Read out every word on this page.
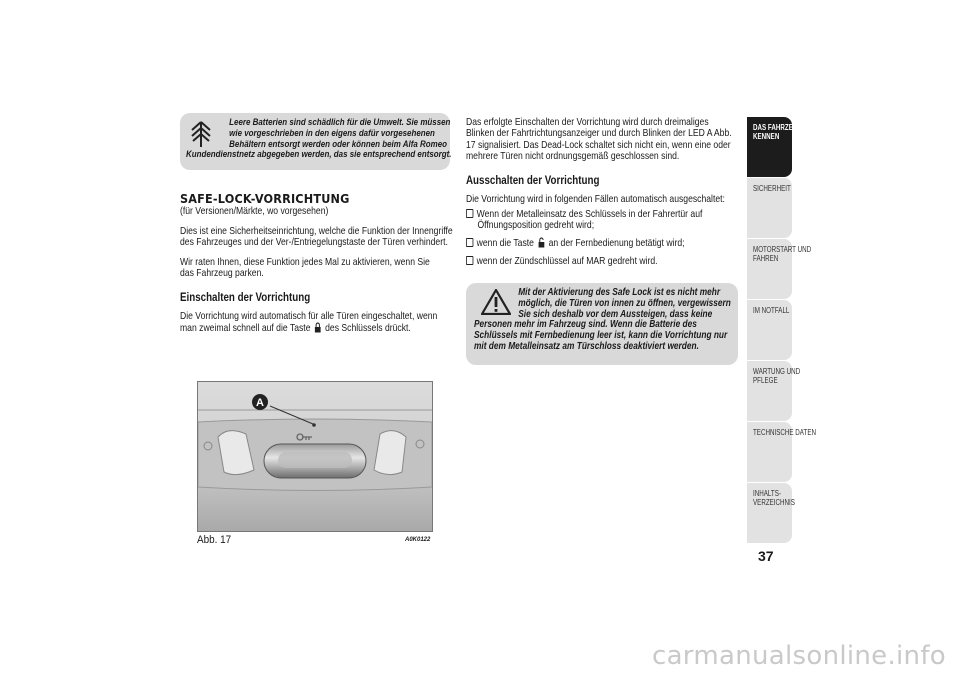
Leere Batterien sind schädlich für die Umwelt. Sie müssen
wie vorgeschrieben in den eigens dafür vorgesehenen
Behältern entsorgt werden oder können beim Alfa Romeo
Kundendienstnetz abgegeben werden, das sie entsprechend entsorgt.
SAFE-LOCK-VORRICHTUNG
(für Versionen/Märkte, wo vorgesehen)
Dies ist eine Sicherheitseinrichtung, welche die Funktion der Innengriffe
des Fahrzeuges und der Ver-/Entriegelungstaste der Türen verhindert.
Wir raten Ihnen, diese Funktion jedes Mal zu aktivieren, wenn Sie
das Fahrzeug parken.
Einschalten der Vorrichtung
Die Vorrichtung wird automatisch für alle Türen eingeschaltet, wenn
man zweimal schnell auf die Taste des Schlüssels drückt.
A
Abb. 17	A0K0122
Das erfolgte Einschalten der Vorrichtung wird durch dreimaliges
Blinken der Fahrtrichtungsanzeiger und durch Blinken der LED A Abb.
17 signalisiert. Das Dead-Lock schaltet sich nicht ein, wenn eine oder
mehrere Türen nicht ordnungsgemäß geschlossen sind.
Ausschalten der Vorrichtung
Die Vorrichtung wird in folgenden Fällen automatisch ausgeschaltet:
Wenn der Metalleinsatz des Schlüssels in der Fahrertür auf
Öffnungsposition gedreht wird;
wenn die Taste an der Fernbedienung betätigt wird;
wenn der Zündschlüssel auf MAR gedreht wird.
Mit der Aktivierung des Safe Lock ist es nicht mehr
möglich, die Türen von innen zu öffnen, vergewissern
Sie sich deshalb vor dem Aussteigen, dass keine
Personen mehr im Fahrzeug sind. Wenn die Batterie des
Schlüssels mit Fernbedienung leer ist, kann die Vorrichtung nur
mit dem Metalleinsatz am Türschloss deaktiviert werden.
DAS FAHRZEUG
KENNEN
SICHERHEIT
MOTORSTART UND
FAHREN
IM NOTFALL
WARTUNG UND
PFLEGE
TECHNISCHE DATEN
INHALTS-
VERZEICHNIS
37
carmanualsonline.info
